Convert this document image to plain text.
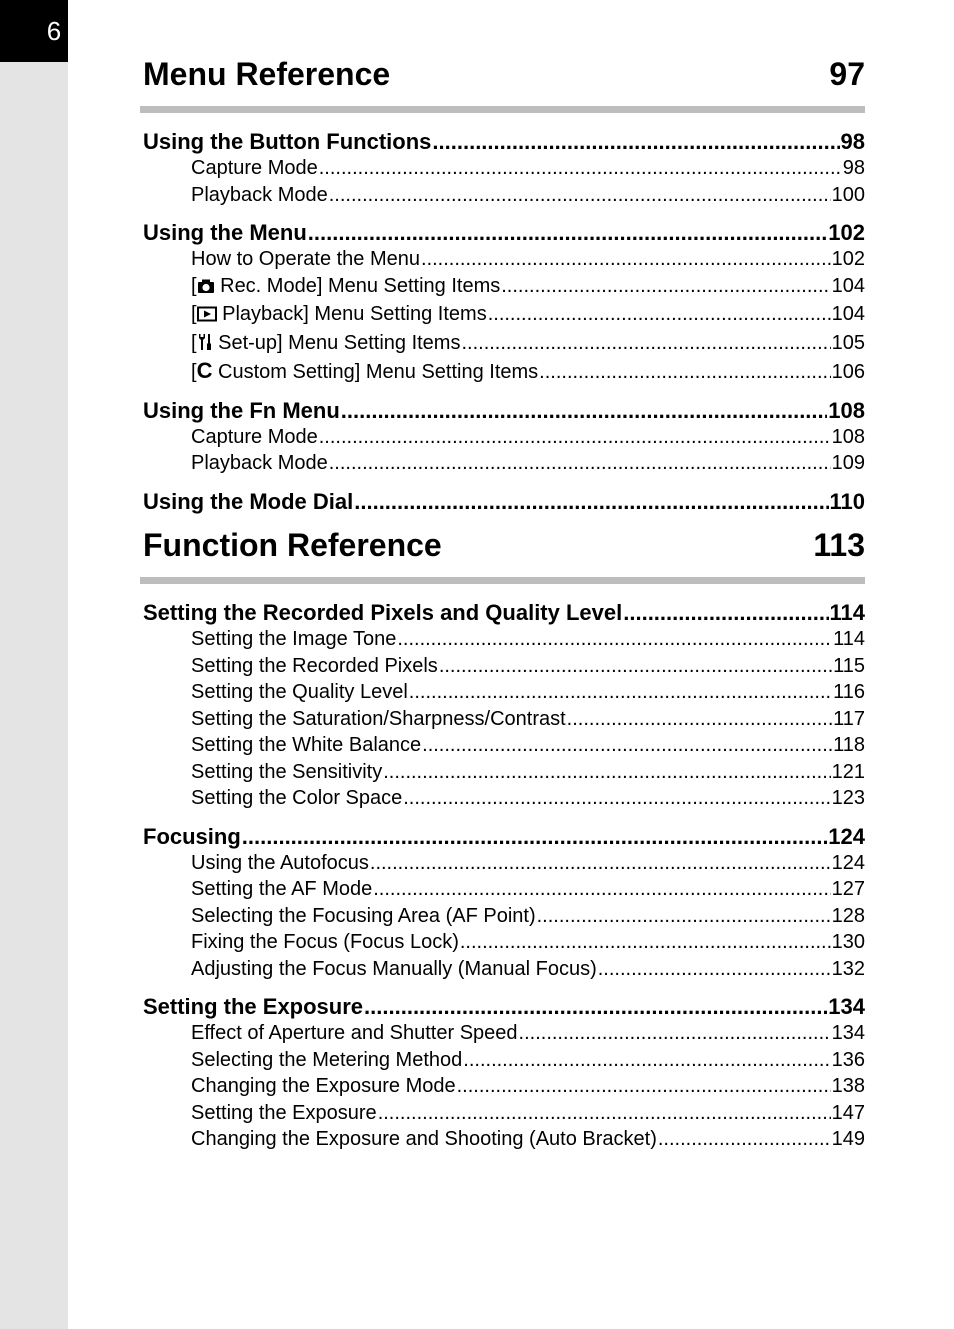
6
Menu Reference	97
Using the Button Functions .....	98
Capture Mode .....	98
Playback Mode .....	100
Using the Menu .....	102
How to Operate the Menu .....	102
[ Rec. Mode] Menu Setting Items .....	104
[ Playback] Menu Setting Items .....	104
[ Set-up] Menu Setting Items .....	105
[C Custom Setting] Menu Setting Items .....	106
Using the Fn Menu .....	108
Capture Mode .....	108
Playback Mode .....	109
Using the Mode Dial .....	110
Function Reference	113
Setting the Recorded Pixels and Quality Level .....	114
Setting the Image Tone .....	114
Setting the Recorded Pixels .....	115
Setting the Quality Level .....	116
Setting the Saturation/Sharpness/Contrast .....	117
Setting the White Balance .....	118
Setting the Sensitivity .....	121
Setting the Color Space .....	123
Focusing .....	124
Using the Autofocus .....	124
Setting the AF Mode .....	127
Selecting the Focusing Area (AF Point) .....	128
Fixing the Focus (Focus Lock) .....	130
Adjusting the Focus Manually (Manual Focus) .....	132
Setting the Exposure .....	134
Effect of Aperture and Shutter Speed .....	134
Selecting the Metering Method .....	136
Changing the Exposure Mode .....	138
Setting the Exposure .....	147
Changing the Exposure and Shooting (Auto Bracket) .....	149
